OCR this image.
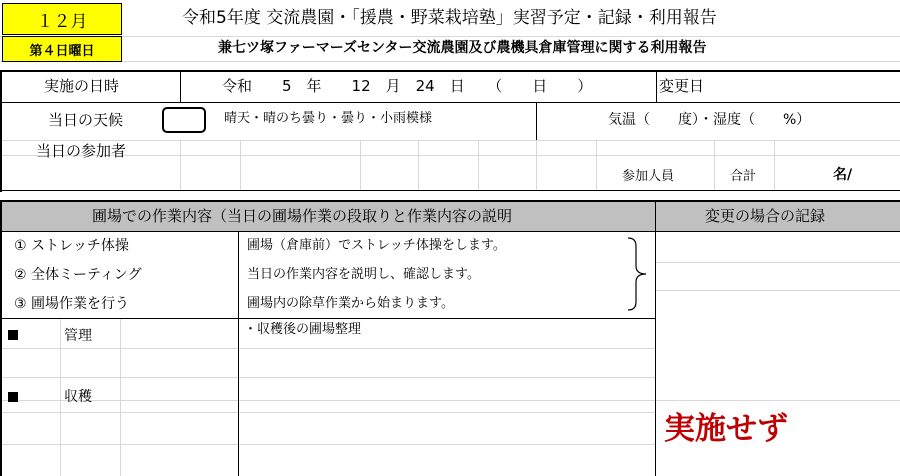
１２月
第４日曜日
令和5年度 交流農園・「援農・野菜栽培塾」実習予定・記録・利用報告
兼七ツ塚ファーマーズセンター交流農園及び農機具倉庫管理に関する利用報告
実施の日時	令和　　5　年　　12　月　24　日　　（　　日　　）	変更日
当日の天候	晴天・晴のち曇り・曇り・小雨模様	気温（　　度）・湿度（　　%）
当日の参加者
参加人員	合計	名/
圃場での作業内容（当日の圃場作業の段取りと作業内容の説明	変更の場合の記録
① ストレッチ体操	圃場（倉庫前）でストレッチ体操をします。
② 全体ミーティング	当日の作業内容を説明し、確認します。
③ 圃場作業を行う	圃場内の除草作業から始まります。
管理	・収穫後の圃場整理
収穫
実施せず
